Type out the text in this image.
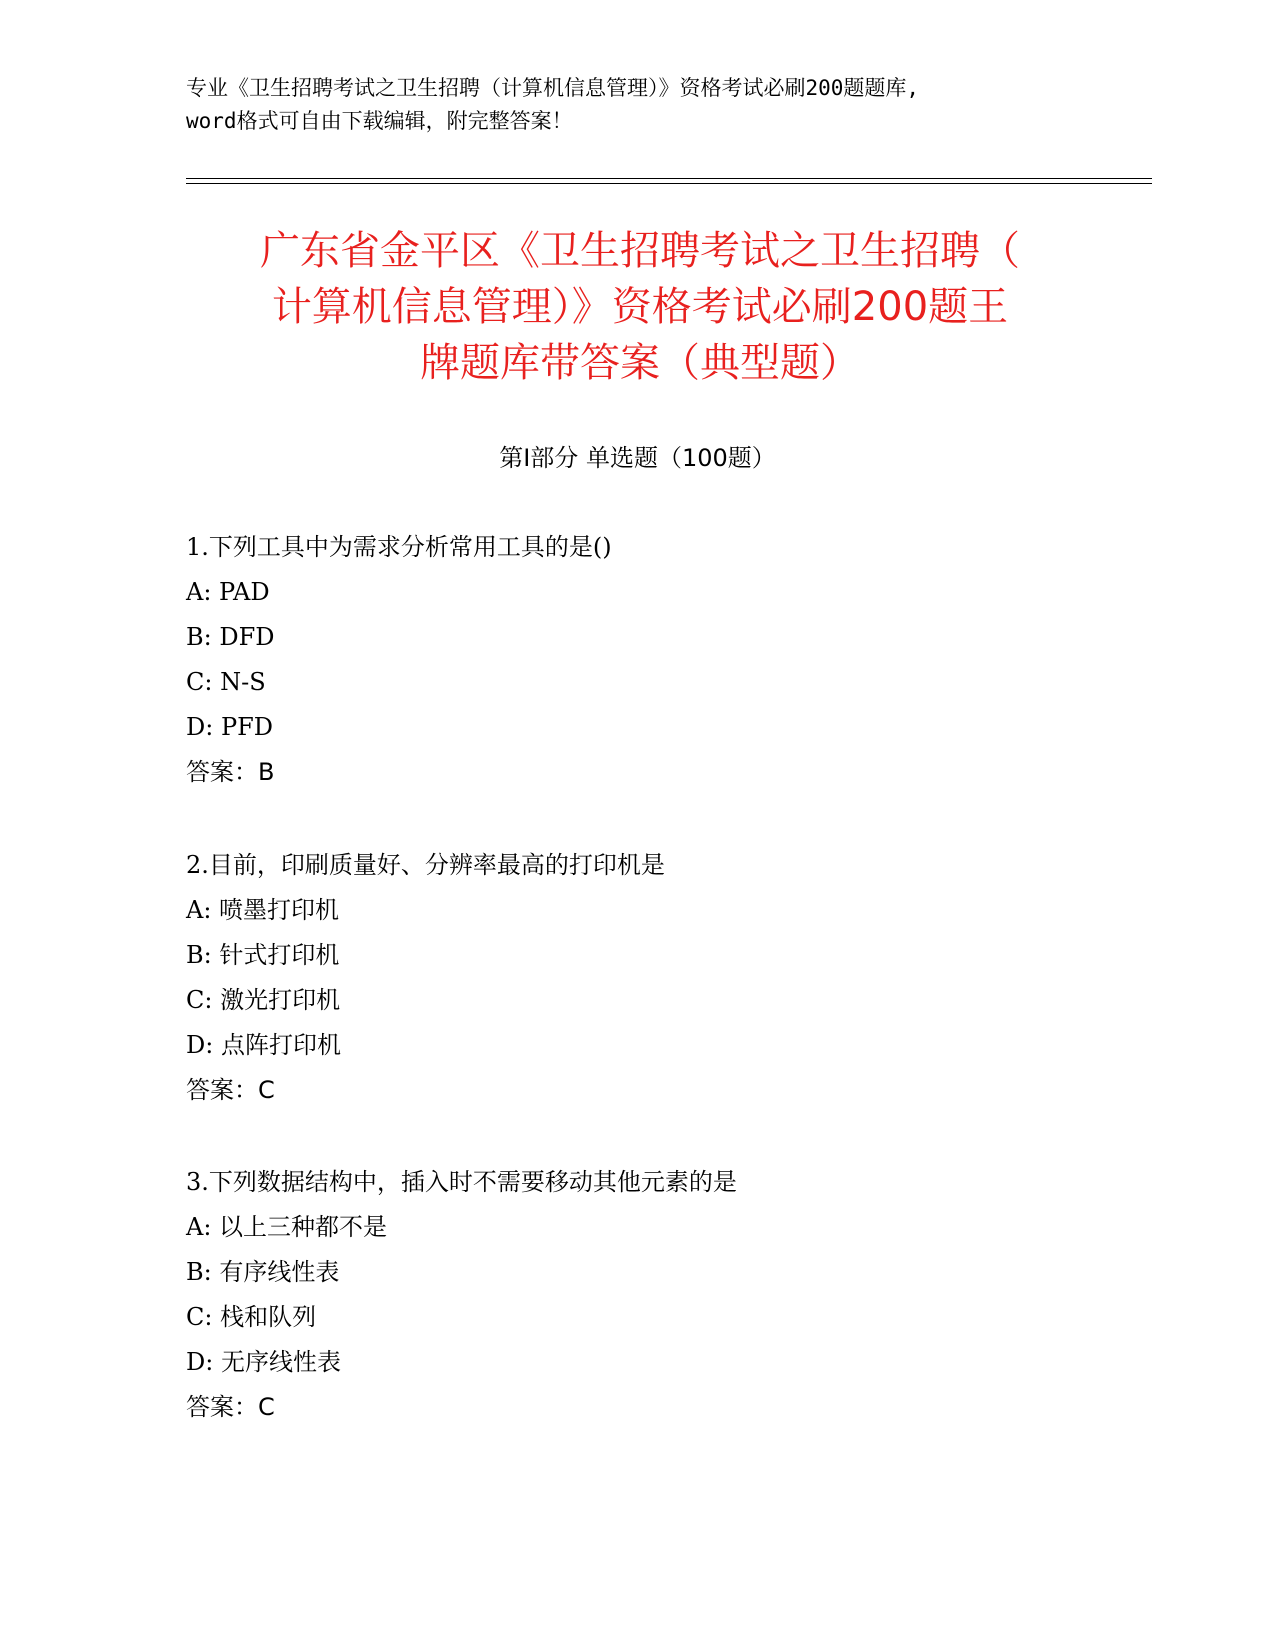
专业《卫生招聘考试之卫生招聘（计算机信息管理）》资格考试必刷200题题库,
word格式可自由下载编辑，附完整答案！
广东省金平区《卫生招聘考试之卫生招聘（
计算机信息管理）》资格考试必刷200题王
牌题库带答案（典型题）
第Ⅰ部分 单选题（100题）
1.下列工具中为需求分析常用工具的是()
A: PAD
B: DFD
C: N-S
D: PFD
答案：B
2.目前，印刷质量好、分辨率最高的打印机是
A: 喷墨打印机
B: 针式打印机
C: 激光打印机
D: 点阵打印机
答案：C
3.下列数据结构中，插入时不需要移动其他元素的是
A: 以上三种都不是
B: 有序线性表
C: 栈和队列
D: 无序线性表
答案：C
